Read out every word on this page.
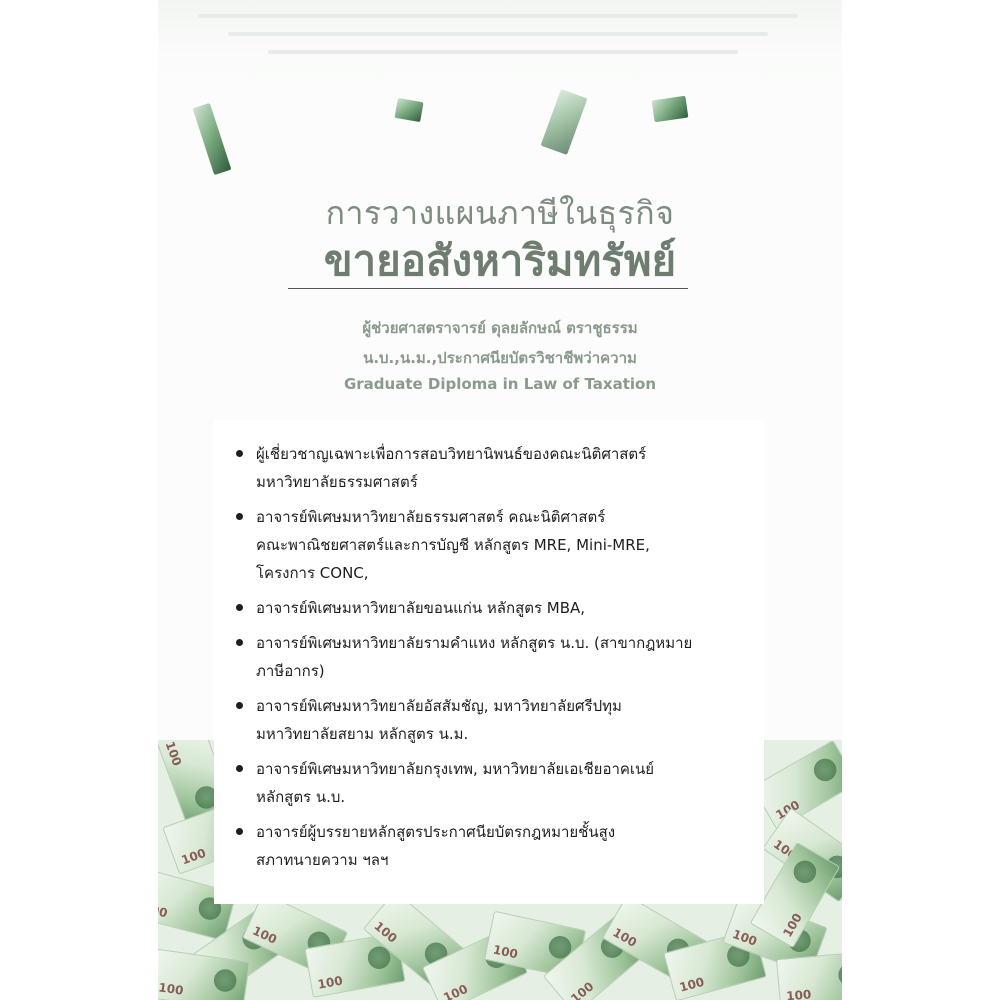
การวางแผนภาษีในธุรกิจ
ขายอสังหาริมทรัพย์
ผู้ช่วยศาสตราจารย์ ดุลยลักษณ์ ตราชูธรรม
น.บ.,น.ม.,ประกาศนียบัตรวิชาชีพว่าความ
Graduate Diploma in Law of Taxation
100
100
100
100
100
100
100
100
100
100
100
100
100
100
100
100
100
100
ผู้เชี่ยวชาญเฉพาะเพื่อการสอบวิทยานิพนธ์ของคณะนิติศาสตร์
มหาวิทยาลัยธรรมศาสตร์
อาจารย์พิเศษมหาวิทยาลัยธรรมศาสตร์ คณะนิติศาสตร์
คณะพาณิชยศาสตร์และการบัญชี หลักสูตร MRE, Mini-MRE,
โครงการ CONC,
อาจารย์พิเศษมหาวิทยาลัยขอนแก่น หลักสูตร MBA,
อาจารย์พิเศษมหาวิทยาลัยรามคำแหง หลักสูตร น.บ. (สาขากฎหมาย
ภาษีอากร)
อาจารย์พิเศษมหาวิทยาลัยอัสสัมชัญ, มหาวิทยาลัยศรีปทุม
มหาวิทยาลัยสยาม หลักสูตร น.ม.
อาจารย์พิเศษมหาวิทยาลัยกรุงเทพ, มหาวิทยาลัยเอเชียอาคเนย์
หลักสูตร น.บ.
อาจารย์ผู้บรรยายหลักสูตรประกาศนียบัตรกฎหมายชั้นสูง
สภาทนายความ ฯลฯ
